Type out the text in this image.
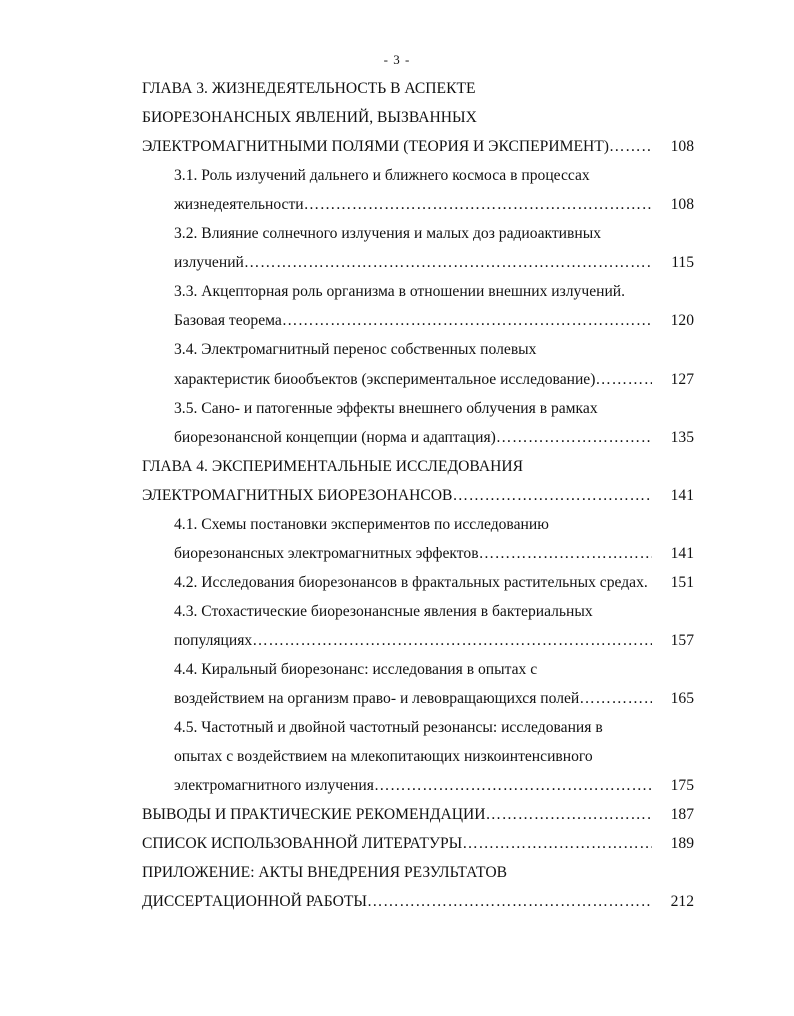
- 3 -
ГЛАВА 3. ЖИЗНЕДЕЯТЕЛЬНОСТЬ В АСПЕКТЕ
БИОРЕЗОНАНСНЫХ ЯВЛЕНИЙ, ВЫЗВАННЫХ
ЭЛЕКТРОМАГНИТНЫМИ ПОЛЯМИ (ТЕОРИЯ И ЭКСПЕРИМЕНТ) …………………………………………………………………………………………………………………………………………………………	108
3.1. Роль излучений дальнего и ближнего космоса в процессах
жизнедеятельности …………………………………………………………………………………………………………………………………………………………	108
3.2. Влияние солнечного излучения и малых доз радиоактивных
излучений …………………………………………………………………………………………………………………………………………………………	115
3.3. Акцепторная роль организма в отношении внешних излучений.
Базовая теорема …………………………………………………………………………………………………………………………………………………………	120
3.4. Электромагнитный перенос собственных полевых
характеристик биообъектов (экспериментальное исследование) …………………………………………………………………………………………………………………………………………………………	127
3.5. Сано- и патогенные эффекты внешнего облучения в рамках
биорезонансной концепции (норма и адаптация) …………………………………………………………………………………………………………………………………………………………	135
ГЛАВА 4. ЭКСПЕРИМЕНТАЛЬНЫЕ ИССЛЕДОВАНИЯ
ЭЛЕКТРОМАГНИТНЫХ БИОРЕЗОНАНСОВ …………………………………………………………………………………………………………………………………………………………	141
4.1. Схемы постановки экспериментов по исследованию
биорезонансных электромагнитных эффектов …………………………………………………………………………………………………………………………………………………………	141
4.2. Исследования биорезонансов в фрактальных растительных средах.	151
4.3. Стохастические биорезонансные явления в бактериальных
популяциях …………………………………………………………………………………………………………………………………………………………	157
4.4. Киральный биорезонанс: исследования в опытах с
воздействием на организм право- и левовращающихся полей …………………………………………………………………………………………………………………………………………………………	165
4.5. Частотный и двойной частотный резонансы: исследования в
опытах с воздействием на млекопитающих низкоинтенсивного
электромагнитного излучения …………………………………………………………………………………………………………………………………………………………	175
ВЫВОДЫ И ПРАКТИЧЕСКИЕ РЕКОМЕНДАЦИИ …………………………………………………………………………………………………………………………………………………………	187
СПИСОК ИСПОЛЬЗОВАННОЙ ЛИТЕРАТУРЫ …………………………………………………………………………………………………………………………………………………………	189
ПРИЛОЖЕНИЕ: АКТЫ ВНЕДРЕНИЯ РЕЗУЛЬТАТОВ
ДИССЕРТАЦИОННОЙ РАБОТЫ …………………………………………………………………………………………………………………………………………………………	212
